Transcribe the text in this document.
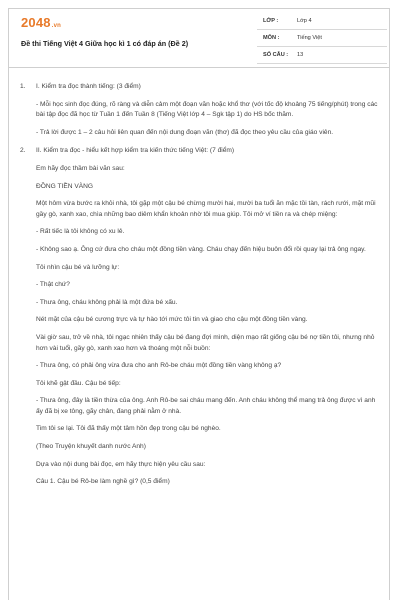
2048.vn
Đề thi Tiếng Việt 4 Giữa học kì 1 có đáp án (Đề 2)
LỚP :	Lớp 4
MÔN :	Tiếng Việt
SỐ CÂU :	13
1. I. Kiểm tra đọc thành tiếng: (3 điểm)

- Mỗi học sinh đọc đúng, rõ ràng và diễn cảm một đoạn văn hoặc khổ thơ (với tốc độ khoảng 75 tiếng/phút) trong các bài tập đọc đã học từ Tuần 1 đến Tuần 8 (Tiếng Việt lớp 4 – Sgk tập 1) do HS bốc thăm.

- Trả lời được 1 – 2 câu hỏi liên quan đến nội dung đoạn văn (thơ) đã đọc theo yêu cầu của giáo viên.

2. II. Kiểm tra đọc - hiểu kết hợp kiểm tra kiến thức tiếng Việt: (7 điểm)

Em hãy đọc thầm bài văn sau:

ĐỒNG TIỀN VÀNG

Một hôm vừa bước ra khỏi nhà, tôi gặp một cậu bé chừng mười hai, mười ba tuổi ăn mặc tồi tàn, rách rưới, mặt mũi gầy gò, xanh xao, chìa những bao diêm khẩn khoản nhờ tôi mua giúp. Tôi mở ví tiền ra và chép miệng:

- Rất tiếc là tôi không có xu lẻ.

- Không sao ạ. Ông cứ đưa cho cháu một đồng tiền vàng. Cháu chạy đến hiệu buôn đổi rồi quay lại trả ông ngay.

Tôi nhìn cậu bé và lưỡng lự:

- Thật chứ?

- Thưa ông, cháu không phải là một đứa bé xấu.

Nét mặt của cậu bé cương trực và tự hào tới mức tôi tin và giao cho cậu một đồng tiền vàng.

Vài giờ sau, trở về nhà, tôi ngạc nhiên thấy cậu bé đang đợi mình, diện mạo rất giống cậu bé nợ tiền tôi, nhưng nhỏ hơn vài tuổi, gầy gò, xanh xao hơn và thoáng một nỗi buồn:

- Thưa ông, có phải ông vừa đưa cho anh Rô-be cháu một đồng tiền vàng không ạ?

Tôi khẽ gật đầu. Cậu bé tiếp:

- Thưa ông, đây là tiền thừa của ông. Anh Rô-be sai cháu mang đến. Anh cháu không thể mang trả ông được vì anh ấy đã bị xe tông, gãy chân, đang phải nằm ở nhà.

Tim tôi se lại. Tôi đã thấy một tâm hồn đẹp trong cậu bé nghèo.

(Theo Truyện khuyết danh nước Anh)

Dựa vào nội dung bài đọc, em hãy thực hiện yêu cầu sau:

Câu 1. Cậu bé Rô-be làm nghề gì? (0,5 điểm)
